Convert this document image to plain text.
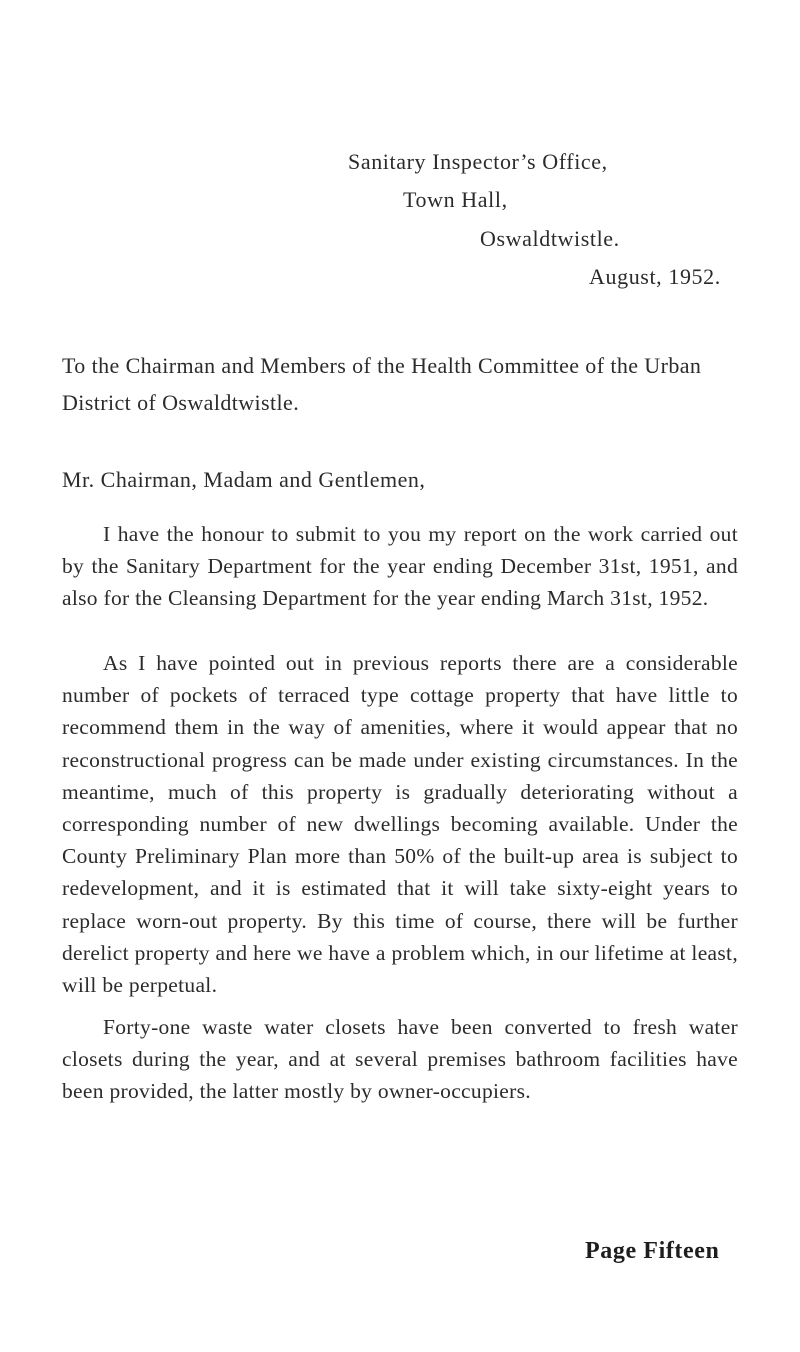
Sanitary Inspector’s Office,
Town Hall,
Oswaldtwistle.
August, 1952.
To the Chairman and Members of the Health Committee of the Urban District of Oswaldtwistle.
Mr. Chairman, Madam and Gentlemen,

I have the honour to submit to you my report on the work carried out by the Sanitary Department for the year ending December 31st, 1951, and also for the Cleansing Department for the year ending March 31st, 1952.

As I have pointed out in previous reports there are a considerable number of pockets of terraced type cottage property that have little to recommend them in the way of amenities, where it would appear that no reconstructional progress can be made under existing circumstances. In the meantime, much of this property is gradually deteriorating without a corresponding number of new dwellings becoming available. Under the County Preliminary Plan more than 50% of the built-up area is subject to redevelopment, and it is estimated that it will take sixty-eight years to replace worn-out property. By this time of course, there will be further derelict property and here we have a problem which, in our lifetime at least, will be perpetual.

Forty-one waste water closets have been converted to fresh water closets during the year, and at several premises bathroom facilities have been provided, the latter mostly by owner-occupiers.

Page Fifteen
